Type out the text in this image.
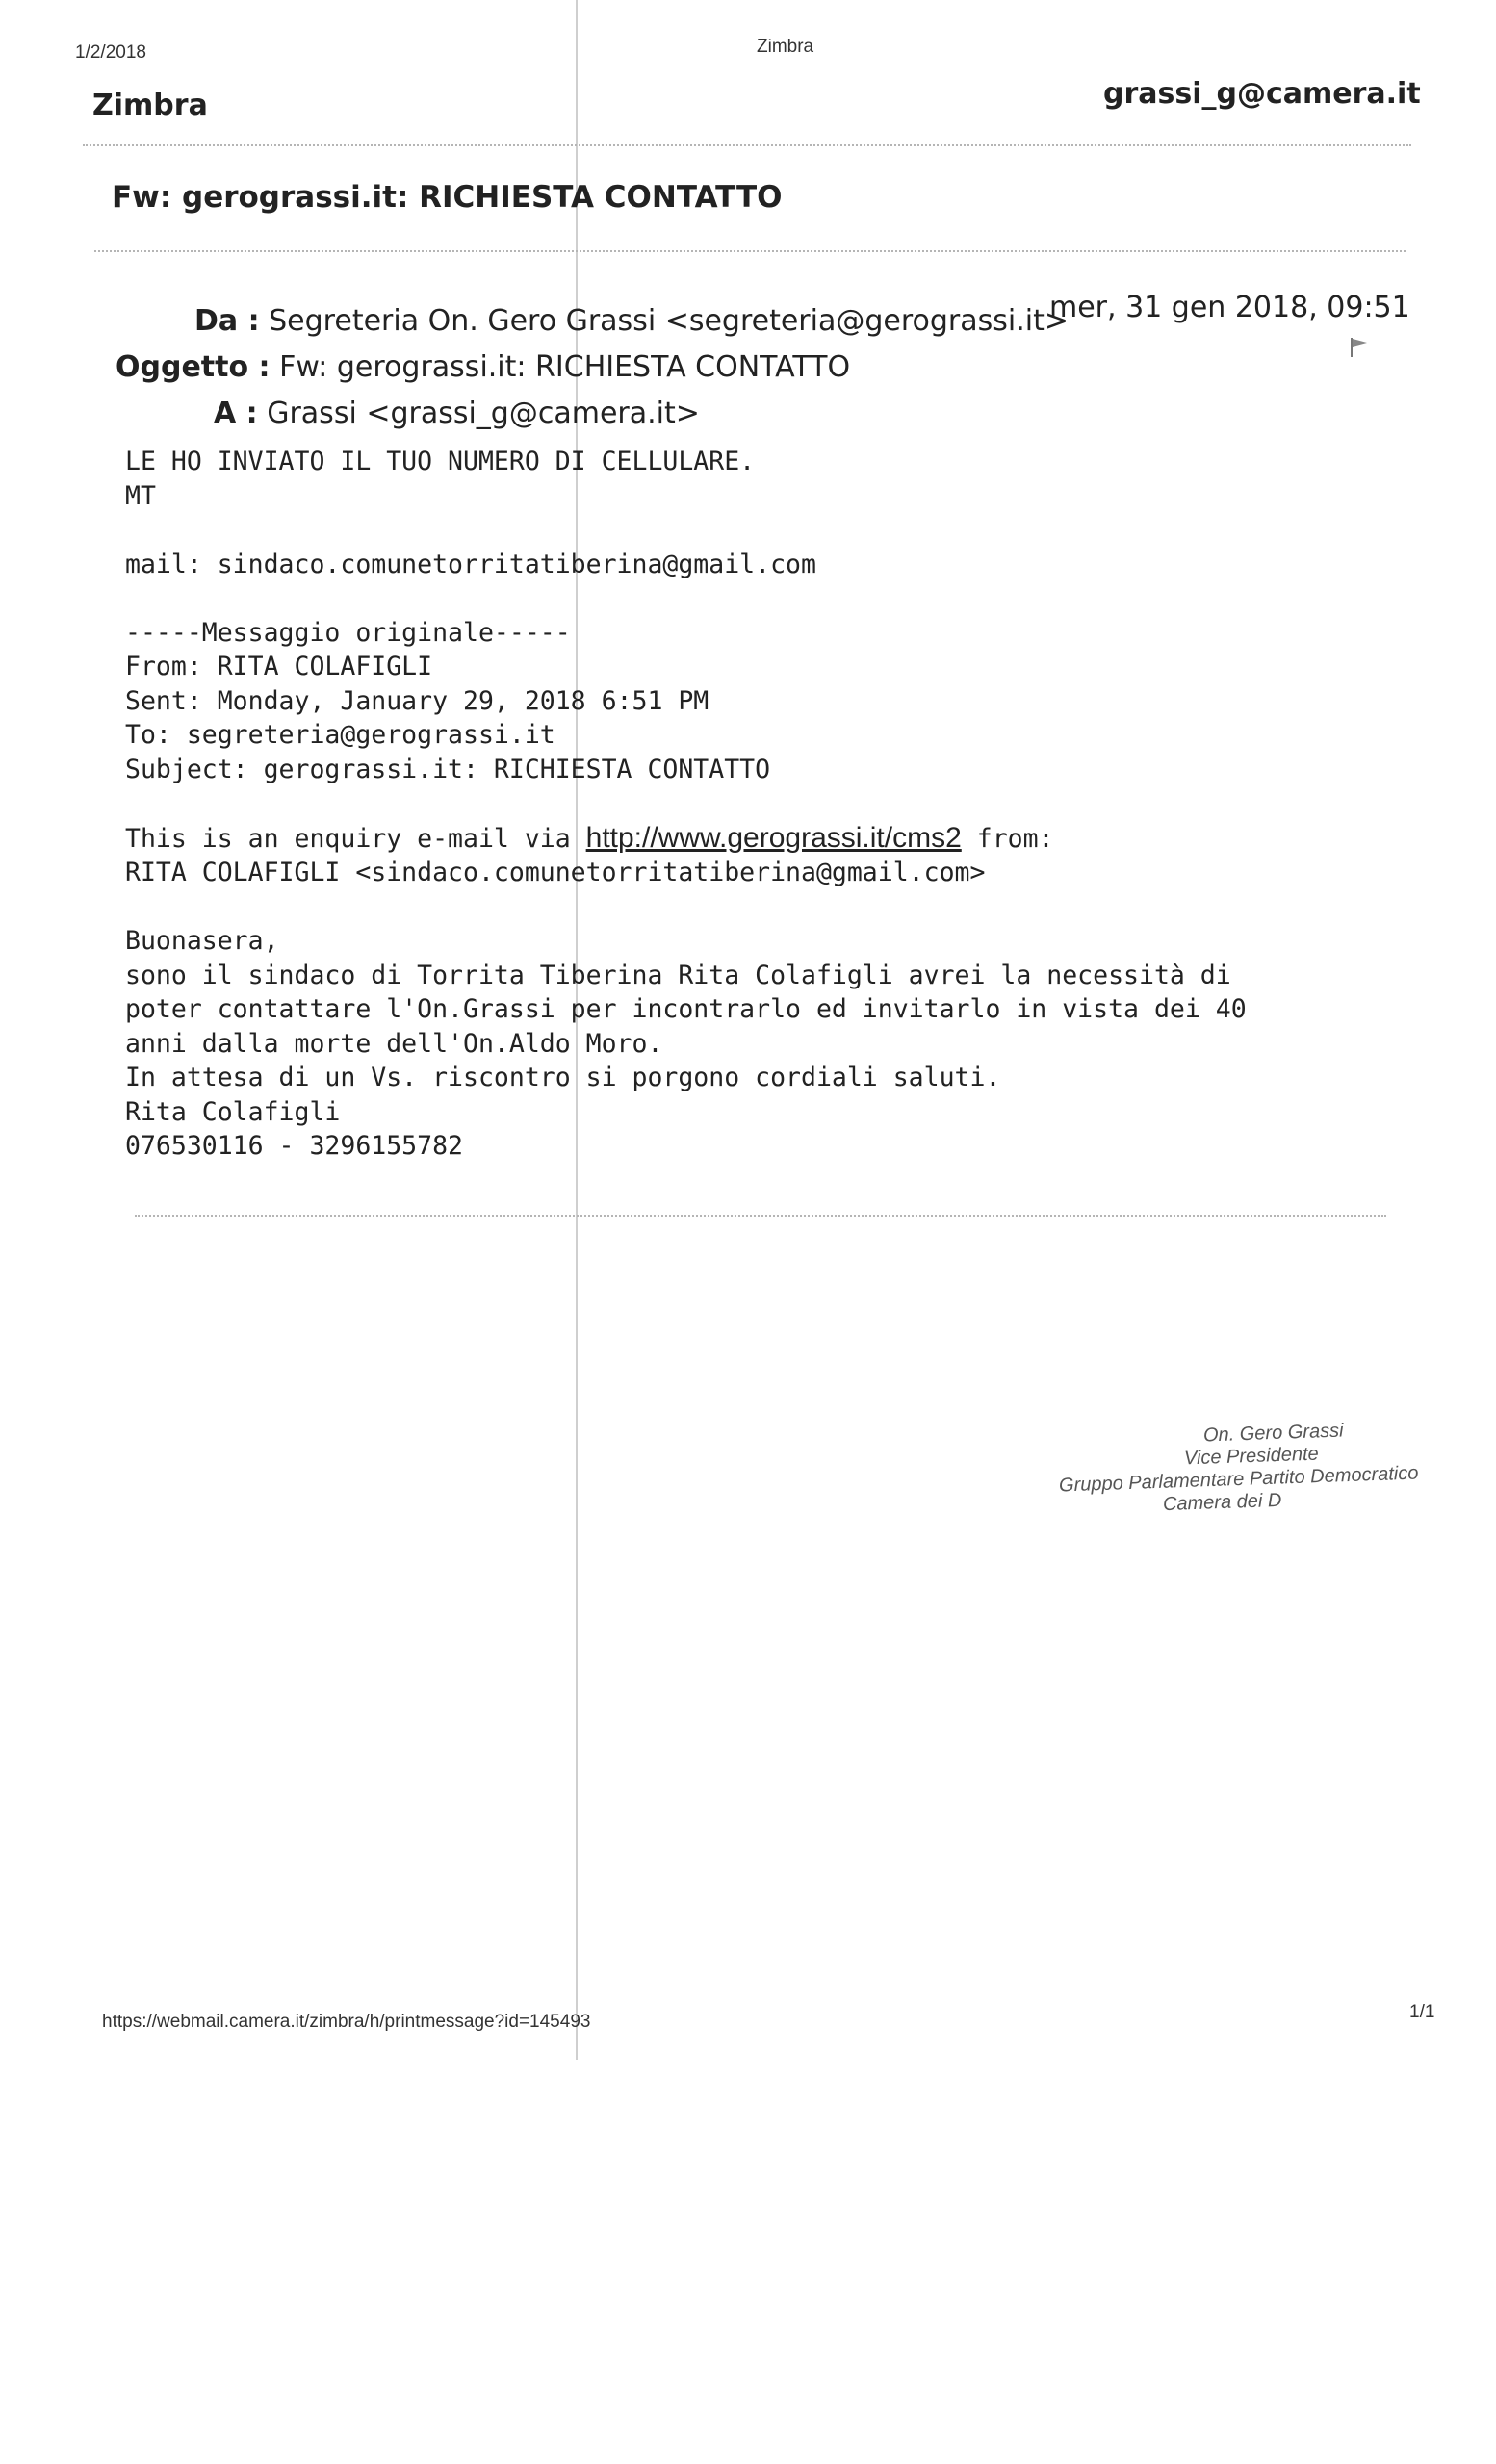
1/2/2018	Zimbra
Zimbra	grassi_g@camera.it
Fw: gerograssi.it: RICHIESTA CONTATTO
Da : Segreteria On. Gero Grassi <segreteria@gerograssi.it>
mer, 31 gen 2018, 09:51
Oggetto : Fw: gerograssi.it: RICHIESTA CONTATTO
A : Grassi <grassi_g@camera.it>
LE HO INVIATO IL TUO NUMERO DI CELLULARE.
MT

mail: sindaco.comunetorritatiberina@gmail.com

-----Messaggio originale-----
From: RITA COLAFIGLI
Sent: Monday, January 29, 2018 6:51 PM
To: segreteria@gerograssi.it
Subject: gerograssi.it: RICHIESTA CONTATTO

This is an enquiry e-mail via http://www.gerograssi.it/cms2 from:
RITA COLAFIGLI <sindaco.comunetorritatiberina@gmail.com>

Buonasera,
sono il sindaco di Torrita Tiberina Rita Colafigli avrei la necessità di
poter contattare l'On.Grassi per incontrarlo ed invitarlo in vista dei 40
anni dalla morte dell'On.Aldo Moro.
In attesa di un Vs. riscontro si porgono cordiali saluti.
Rita Colafigli
076530116 - 3296155782
On. Gero Grassi
Vice Presidente
Gruppo Parlamentare Partito Democratico
Camera dei D
https://webmail.camera.it/zimbra/h/printmessage?id=145493	1/1
